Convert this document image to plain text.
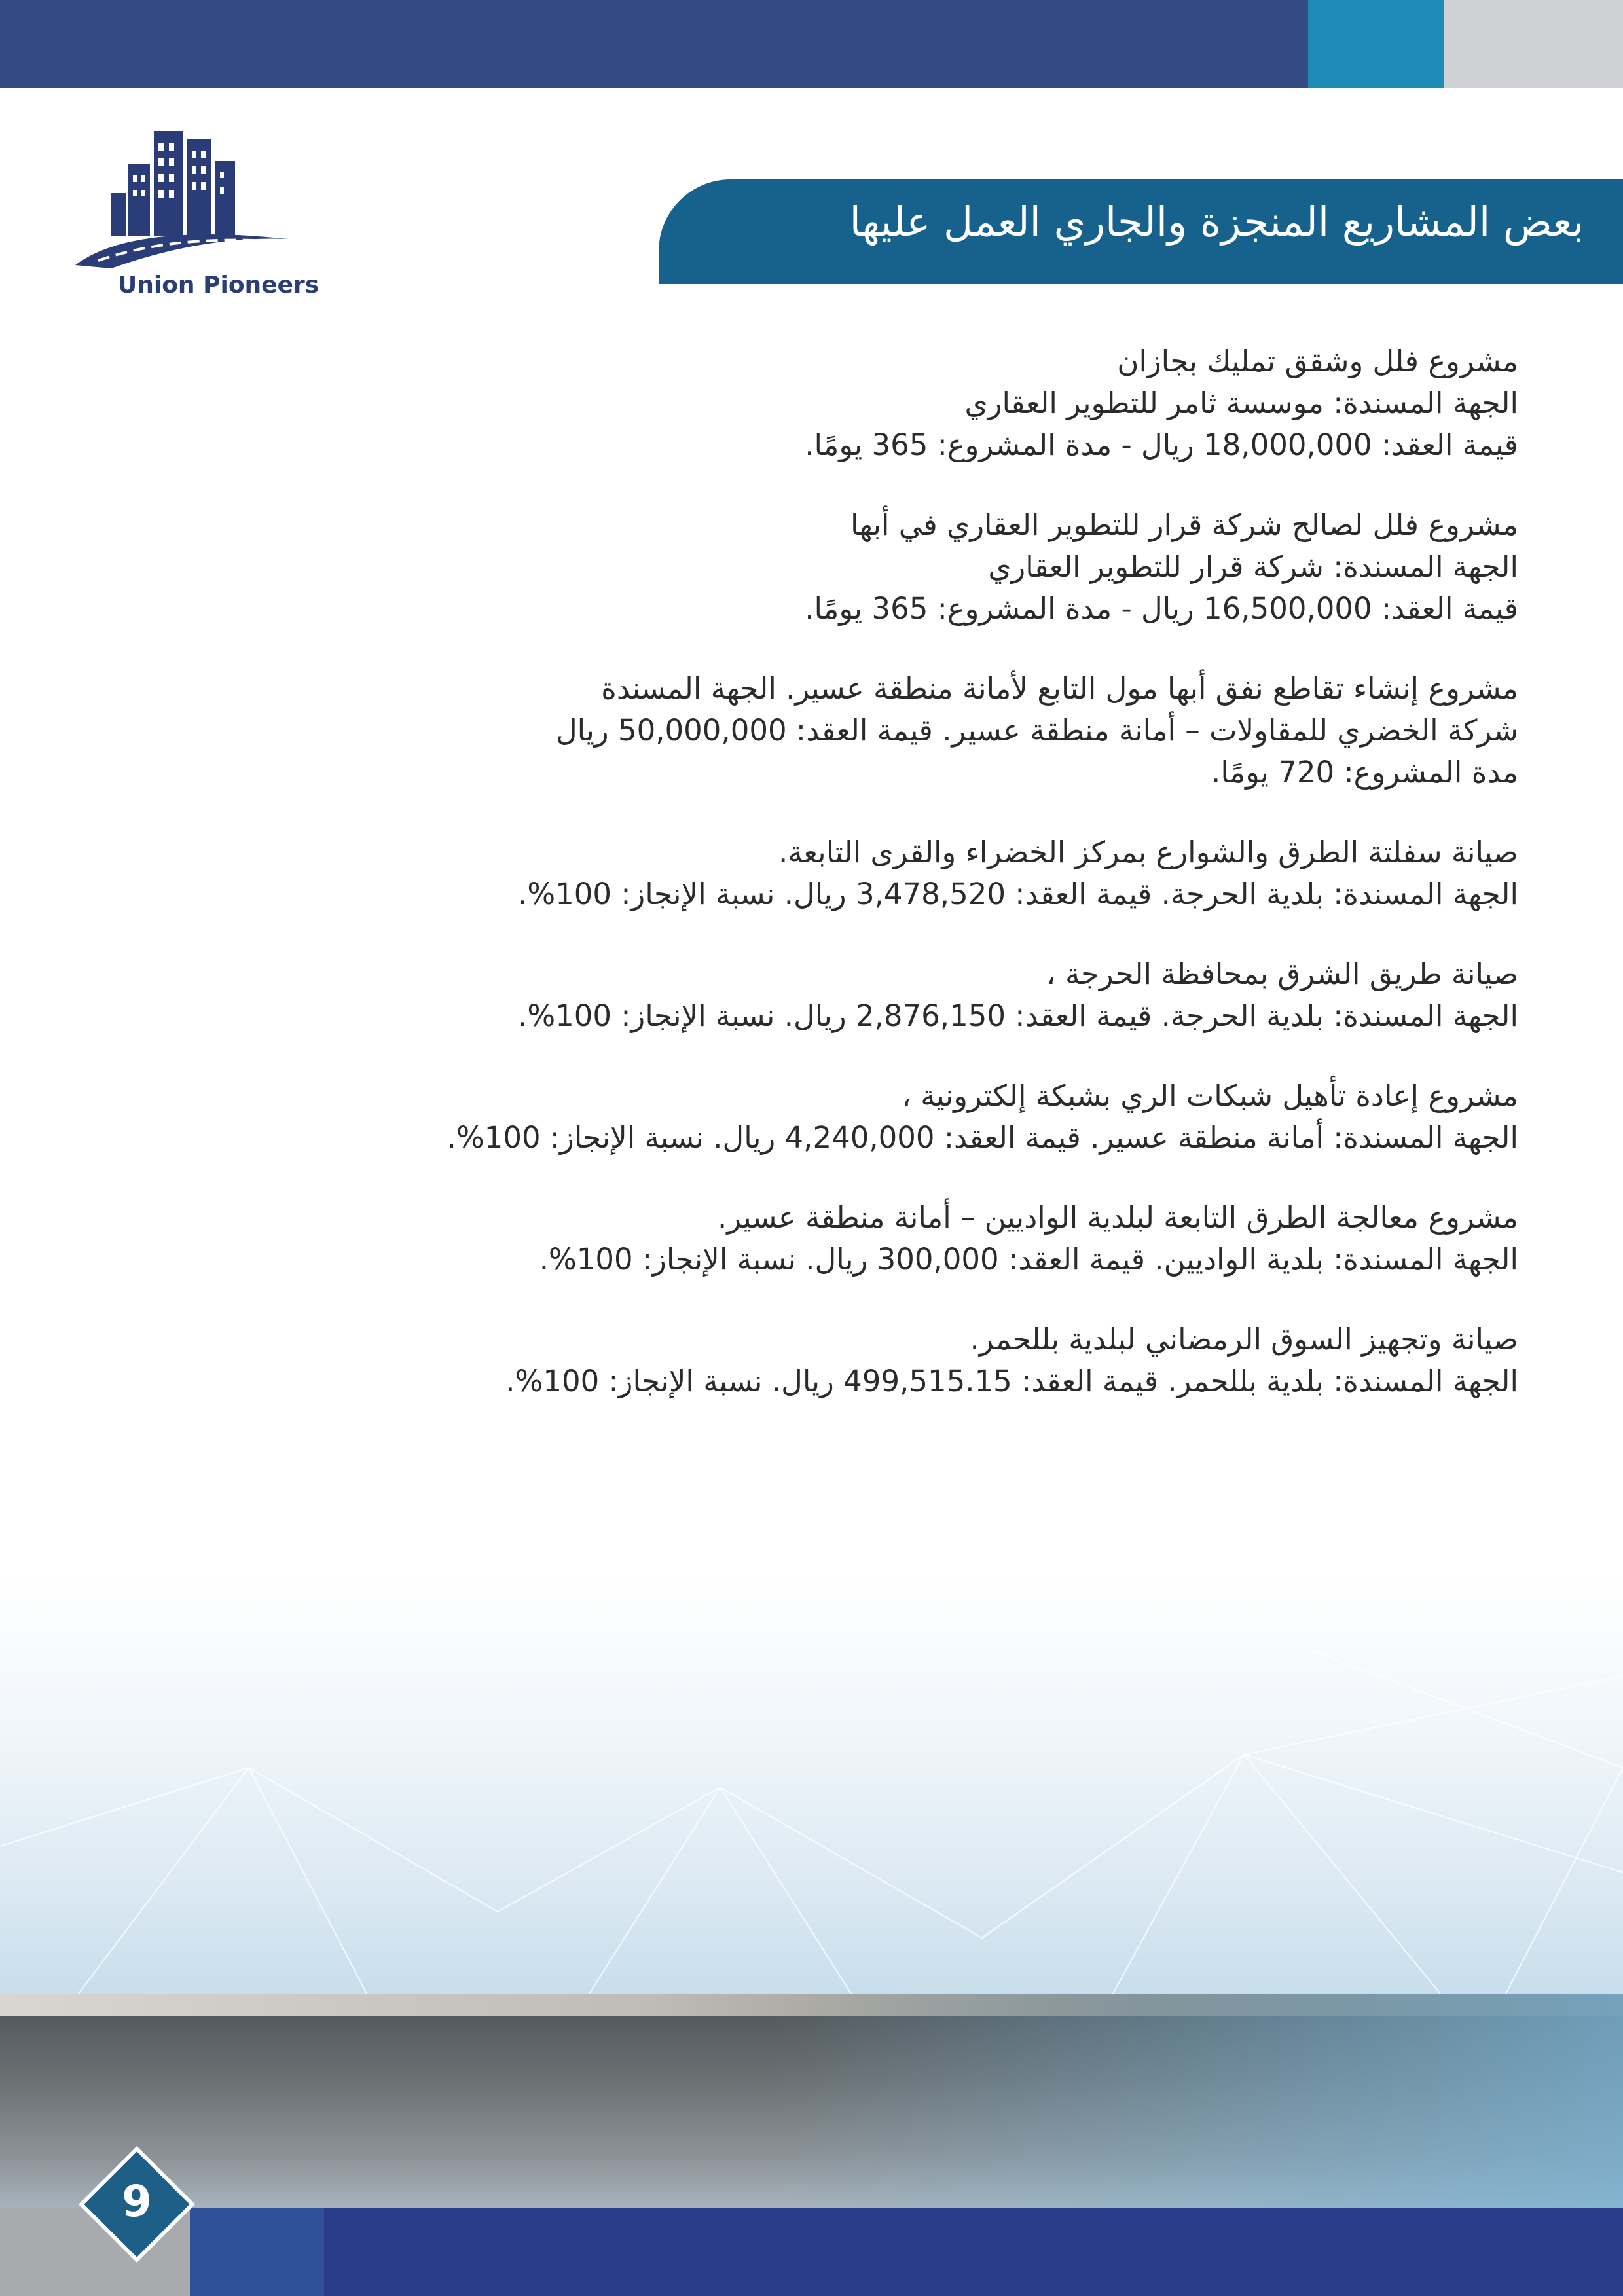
Union Pioneers
بعض المشاريع المنجزة والجاري العمل عليها
مشروع فلل وشقق تمليك بجازان
الجهة المسندة: موسسة ثامر للتطوير العقاري
قيمة العقد: 18,000,000 ريال - مدة المشروع: 365 يومًا.
مشروع فلل لصالح شركة قرار للتطوير العقاري في أبها
الجهة المسندة: شركة قرار للتطوير العقاري
قيمة العقد: 16,500,000 ريال - مدة المشروع: 365 يومًا.
مشروع إنشاء تقاطع نفق أبها مول التابع لأمانة منطقة عسير. الجهة المسندة
شركة الخضري للمقاولات – أمانة منطقة عسير. قيمة العقد: 50,000,000 ريال
مدة المشروع: 720 يومًا.
صيانة سفلتة الطرق والشوارع بمركز الخضراء والقرى التابعة.
الجهة المسندة: بلدية الحرجة. قيمة العقد: 3,478,520 ريال. نسبة الإنجاز: 100%.
صيانة طريق الشرق بمحافظة الحرجة ،
الجهة المسندة: بلدية الحرجة. قيمة العقد: 2,876,150 ريال. نسبة الإنجاز: 100%.
مشروع إعادة تأهيل شبكات الري بشبكة إلكترونية ،
الجهة المسندة: أمانة منطقة عسير. قيمة العقد: 4,240,000 ريال. نسبة الإنجاز: 100%.
مشروع معالجة الطرق التابعة لبلدية الواديين – أمانة منطقة عسير.
الجهة المسندة: بلدية الواديين. قيمة العقد: 300,000 ريال. نسبة الإنجاز: 100%.
صيانة وتجهيز السوق الرمضاني لبلدية بللحمر.
الجهة المسندة: بلدية بللحمر. قيمة العقد: 499,515.15 ريال. نسبة الإنجاز: 100%.
9
